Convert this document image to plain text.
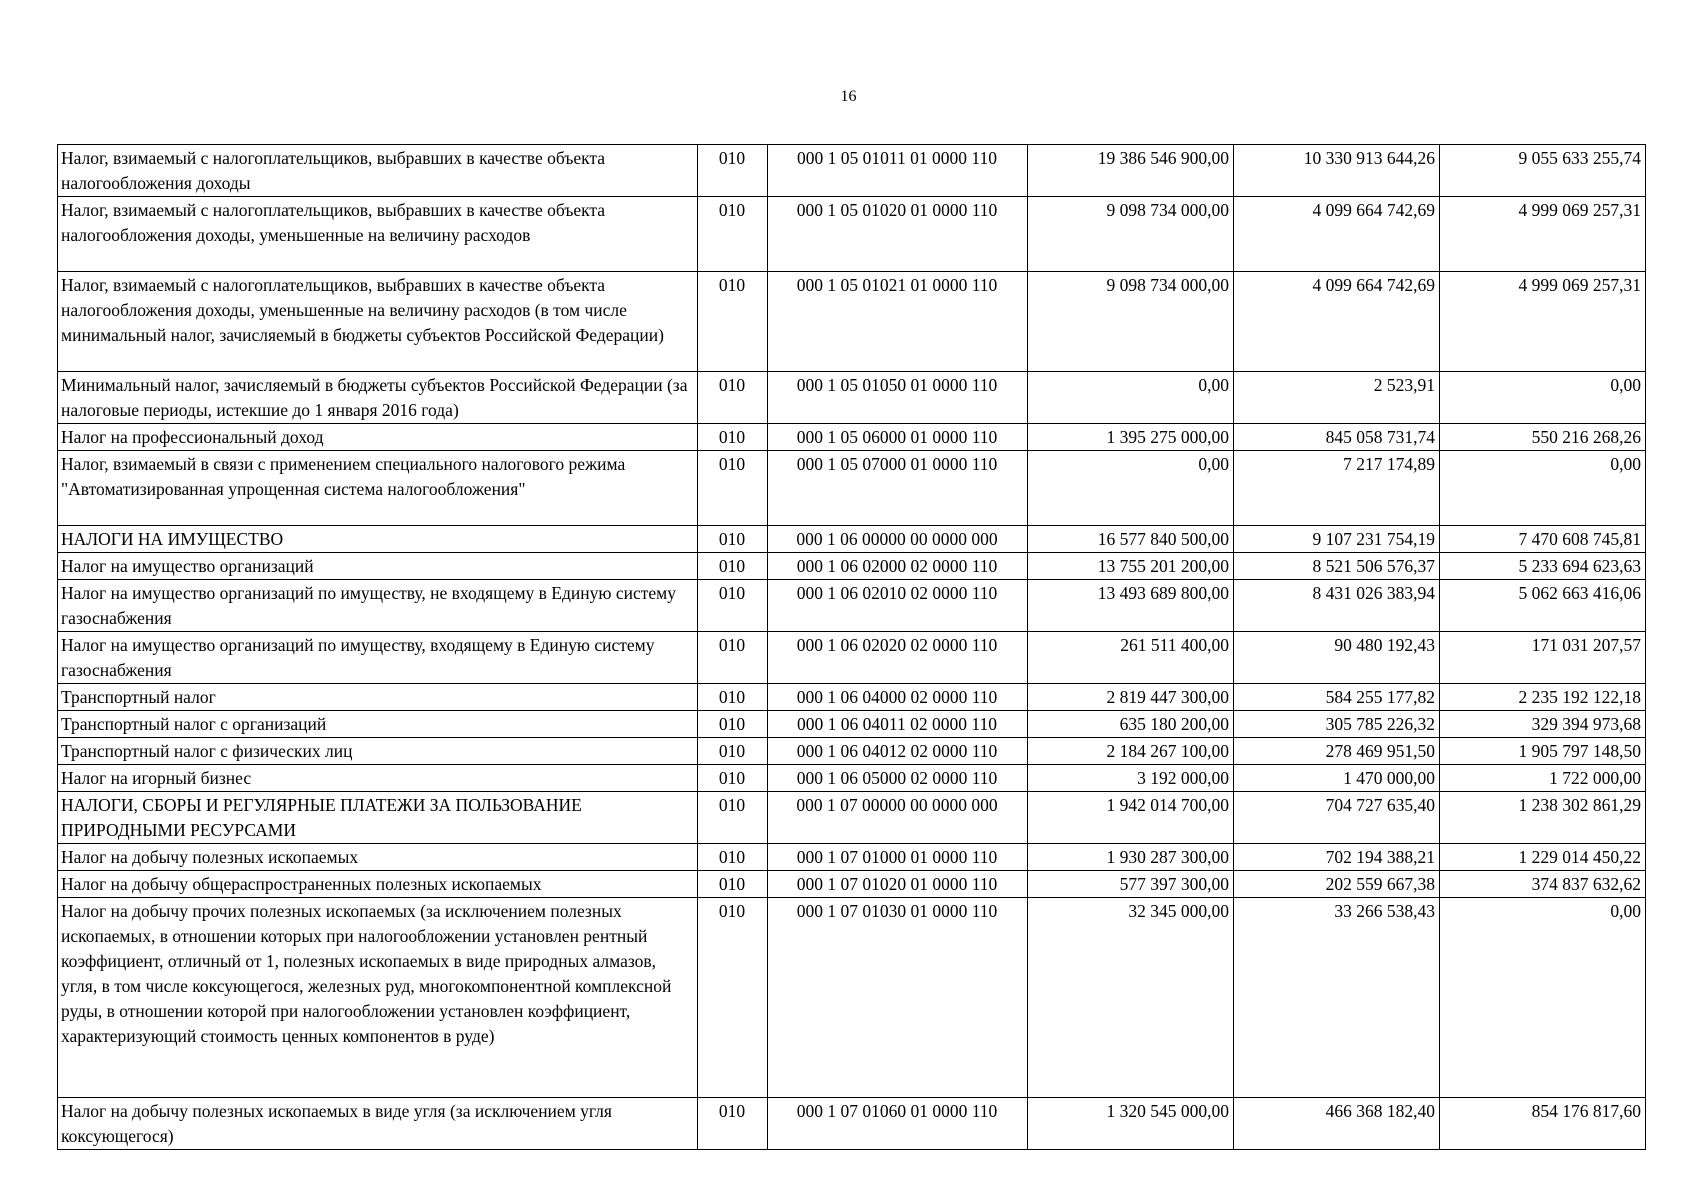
16
Налог, взимаемый с налогоплательщиков, выбравших в качестве объекта налогообложения доходы	010	000 1 05 01011 01 0000 110	19 386 546 900,00	10 330 913 644,26	9 055 633 255,74
Налог, взимаемый с налогоплательщиков, выбравших в качестве объекта налогообложения доходы, уменьшенные на величину расходов	010	000 1 05 01020 01 0000 110	9 098 734 000,00	4 099 664 742,69	4 999 069 257,31
Налог, взимаемый с налогоплательщиков, выбравших в качестве объекта налогообложения доходы, уменьшенные на величину расходов (в том числе минимальный налог, зачисляемый в бюджеты субъектов Российской Федерации)	010	000 1 05 01021 01 0000 110	9 098 734 000,00	4 099 664 742,69	4 999 069 257,31
Минимальный налог, зачисляемый в бюджеты субъектов Российской Федерации (за налоговые периоды, истекшие до 1 января 2016 года)	010	000 1 05 01050 01 0000 110	0,00	2 523,91	0,00
Налог на профессиональный доход	010	000 1 05 06000 01 0000 110	1 395 275 000,00	845 058 731,74	550 216 268,26
Налог, взимаемый в связи с применением специального налогового режима "Автоматизированная упрощенная система налогообложения"	010	000 1 05 07000 01 0000 110	0,00	7 217 174,89	0,00
НАЛОГИ НА ИМУЩЕСТВО	010	000 1 06 00000 00 0000 000	16 577 840 500,00	9 107 231 754,19	7 470 608 745,81
Налог на имущество организаций	010	000 1 06 02000 02 0000 110	13 755 201 200,00	8 521 506 576,37	5 233 694 623,63
Налог на имущество организаций по имуществу, не входящему в Единую систему газоснабжения	010	000 1 06 02010 02 0000 110	13 493 689 800,00	8 431 026 383,94	5 062 663 416,06
Налог на имущество организаций по имуществу, входящему в Единую систему газоснабжения	010	000 1 06 02020 02 0000 110	261 511 400,00	90 480 192,43	171 031 207,57
Транспортный налог	010	000 1 06 04000 02 0000 110	2 819 447 300,00	584 255 177,82	2 235 192 122,18
Транспортный налог с организаций	010	000 1 06 04011 02 0000 110	635 180 200,00	305 785 226,32	329 394 973,68
Транспортный налог с физических лиц	010	000 1 06 04012 02 0000 110	2 184 267 100,00	278 469 951,50	1 905 797 148,50
Налог на игорный бизнес	010	000 1 06 05000 02 0000 110	3 192 000,00	1 470 000,00	1 722 000,00
НАЛОГИ, СБОРЫ И РЕГУЛЯРНЫЕ ПЛАТЕЖИ ЗА ПОЛЬЗОВАНИЕ ПРИРОДНЫМИ РЕСУРСАМИ	010	000 1 07 00000 00 0000 000	1 942 014 700,00	704 727 635,40	1 238 302 861,29
Налог на добычу полезных ископаемых	010	000 1 07 01000 01 0000 110	1 930 287 300,00	702 194 388,21	1 229 014 450,22
Налог на добычу общераспространенных полезных ископаемых	010	000 1 07 01020 01 0000 110	577 397 300,00	202 559 667,38	374 837 632,62
Налог на добычу прочих полезных ископаемых (за исключением полезных ископаемых, в отношении которых при налогообложении установлен рентный коэффициент, отличный от 1, полезных ископаемых в виде природных алмазов, угля, в том числе коксующегося, железных руд, многокомпонентной комплексной руды, в отношении которой при налогообложении установлен коэффициент, характеризующий стоимость ценных компонентов в руде)	010	000 1 07 01030 01 0000 110	32 345 000,00	33 266 538,43	0,00
Налог на добычу полезных ископаемых в виде угля (за исключением угля коксующегося)	010	000 1 07 01060 01 0000 110	1 320 545 000,00	466 368 182,40	854 176 817,60
